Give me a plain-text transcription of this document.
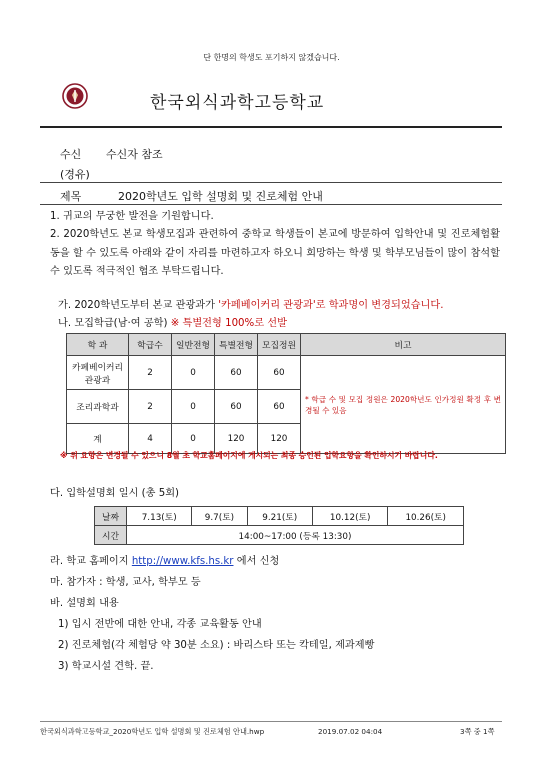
단 한명의 학생도 포기하지 않겠습니다.
한국외식과학고등학교
수신 수신자 참조
(경유)
제목	2020학년도 입학 설명회 및 진로체험 안내
1. 귀교의 무궁한 발전을 기원합니다.
2. 2020학년도 본교 학생모집과 관련하여 중학교 학생들이 본교에 방문하여 입학안내 및 진로체험활동을 할 수 있도록 아래와 같이 자리를 마련하고자 하오니 희망하는 학생 및 학부모님들이 많이 참석할 수 있도록 적극적인 협조 부탁드립니다.
가. 2020학년도부터 본교 관광과가 '카페베이커리 관광과'로 학과명이 변경되었습니다.
나. 모집학급(남·여 공학) ※ 특별전형 100%로 선발
학 과	학급수	일반전형	특별전형	모집정원	비고
카페베이커리
관광과	2	0	60	60	* 학급 수 및 모집 정원은 2020학년도 인가정원 확정 후 변경될 수 있음
조리과학과	2	0	60	60	
계	4	0	120	120	
※ 위 요항은 변경될 수 있으니 8월 초 학교홈페이지에 게시되는 최종 승인된 입학요항을 확인하시기 바랍니다.
다. 입학설명회 일시 (총 5회)
날짜	7.13(토)	9.7(토)	9.21(토)	10.12(토)	10.26(토)
시간	14:00~17:00 (등록 13:30)				
라. 학교 홈페이지 http://www.kfs.hs.kr 에서 신청
마. 참가자 : 학생, 교사, 학부모 등
바. 설명회 내용
1) 입시 전반에 대한 안내, 각종 교육활동 안내
2) 진로체험(각 체험당 약 30분 소요) : 바리스타 또는 칵테일, 제과제빵
3) 학교시설 견학. 끝.
한국외식과학고등학교_2020학년도 입학 설명회 및 진로체험 안내.hwp	2019.07.02 04:04	3쪽 중 1쪽
